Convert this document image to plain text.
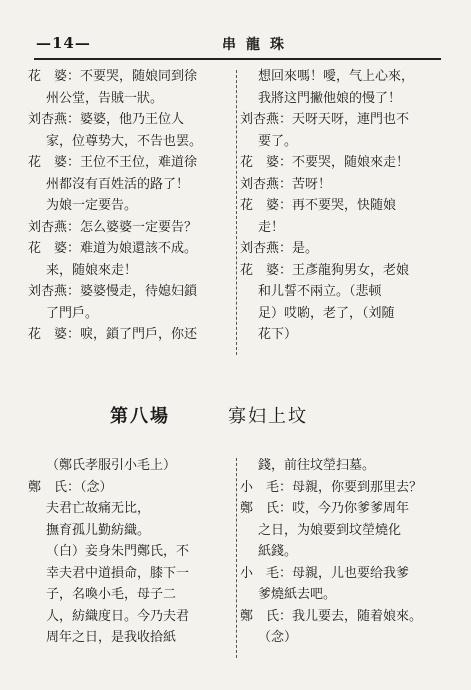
—14—	串龍珠
花　婆：不要哭，随娘同到徐
州公堂，告賊一狀。
刘杏燕：婆婆，他乃王位人
家，位尊势大，不告也罢。
花　婆：王位不王位，难道徐
州都沒有百姓活的路了！
为娘一定要告。
刘杏燕：怎么婆婆一定要告？
花　婆：难道为娘還該不成。
来，随娘來走！
刘杏燕：婆婆慢走，待媳妇鎖
了門戶。
花　婆：唳，鎖了門戶，你还
想回來嗎！噯，气上心來，
我將这門撇他娘的慢了！
刘杏燕：天呀天呀，連門也不
要了。
花　婆：不要哭，随娘來走！
刘杏燕：苦呀！
花　婆：再不要哭，快随娘
走！
刘杏燕：是。
花　婆：王彥龍狗男女，老娘
和儿誓不兩立。（悲顿
足）哎喲，老了，（刘随
花下）
第八場	寡妇上坟
（鄭氏孝服引小毛上）
鄭　氏：（念）
夫君亡故痛无比，
撫育孤儿勤紡織。
（白）妾身朱門鄭氏，不
幸夫君中道損命，膝下一
子，名喚小毛，母子二
人，紡織度日。今乃夫君
周年之日，是我收拾紙
錢，前往坟塋扫墓。
小　毛：母親，你要到那里去？
鄭　氏：哎，今乃你爹爹周年
之日，为娘要到坟塋燒化
紙錢。
小　毛：母親，儿也要给我爹
爹燒紙去吧。
鄭　氏：我儿要去，随着娘來。
（念）
